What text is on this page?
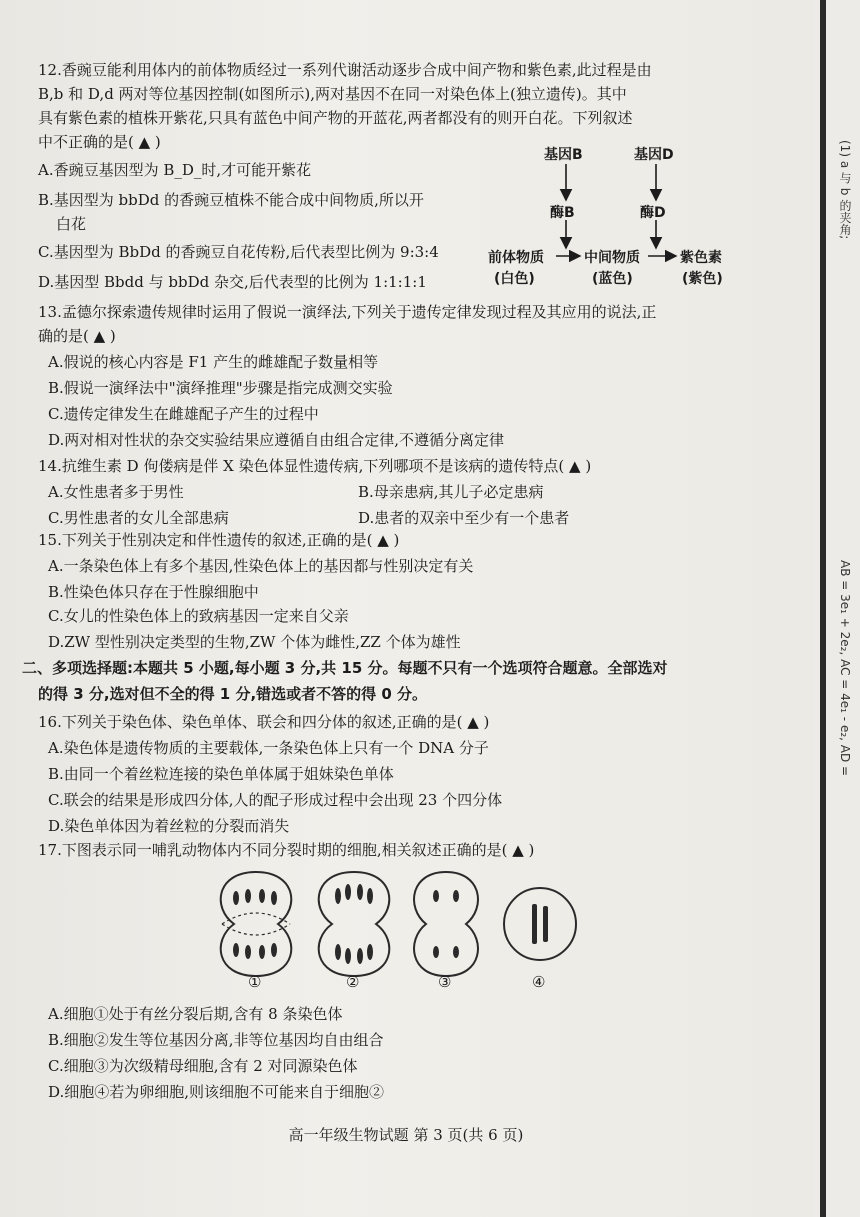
(1) a 与 b 的夹角;
AB = 3e₁ + 2e₂, AC = 4e₁ - e₂, AD =
12.香豌豆能利用体内的前体物质经过一系列代谢活动逐步合成中间产物和紫色素,此过程是由
B,b 和 D,d 两对等位基因控制(如图所示),两对基因不在同一对染色体上(独立遗传)。其中
具有紫色素的植株开紫花,只具有蓝色中间产物的开蓝花,两者都没有的则开白花。下列叙述
中不正确的是( ▲ )
A.香豌豆基因型为 B_D_时,才可能开紫花
B.基因型为 bbDd 的香豌豆植株不能合成中间物质,所以开
白花
C.基因型为 BbDd 的香豌豆自花传粉,后代表型比例为 9:3:4
D.基因型 Bbdd 与 bbDd 杂交,后代表型的比例为 1:1:1:1
基因B	基因D
酶B	酶D
前体物质	中间物质	紫色素
(白色)	(蓝色)	(紫色)
13.孟德尔探索遗传规律时运用了假说一演绎法,下列关于遗传定律发现过程及其应用的说法,正
确的是( ▲ )
A.假说的核心内容是 F1 产生的雌雄配子数量相等
B.假说一演绎法中"演绎推理"步骤是指完成测交实验
C.遗传定律发生在雌雄配子产生的过程中
D.两对相对性状的杂交实验结果应遵循自由组合定律,不遵循分离定律
14.抗维生素 D 佝偻病是伴 X 染色体显性遗传病,下列哪项不是该病的遗传特点( ▲ )
A.女性患者多于男性	B.母亲患病,其儿子必定患病
C.男性患者的女儿全部患病	D.患者的双亲中至少有一个患者
15.下列关于性别决定和伴性遗传的叙述,正确的是( ▲ )
A.一条染色体上有多个基因,性染色体上的基因都与性别决定有关
B.性染色体只存在于性腺细胞中
C.女儿的性染色体上的致病基因一定来自父亲
D.ZW 型性别决定类型的生物,ZW 个体为雌性,ZZ 个体为雄性
二、多项选择题:本题共 5 小题,每小题 3 分,共 15 分。每题不只有一个选项符合题意。全部选对
的得 3 分,选对但不全的得 1 分,错选或者不答的得 0 分。
16.下列关于染色体、染色单体、联会和四分体的叙述,正确的是( ▲ )
A.染色体是遗传物质的主要载体,一条染色体上只有一个 DNA 分子
B.由同一个着丝粒连接的染色单体属于姐妹染色单体
C.联会的结果是形成四分体,人的配子形成过程中会出现 23 个四分体
D.染色单体因为着丝粒的分裂而消失
17.下图表示同一哺乳动物体内不同分裂时期的细胞,相关叙述正确的是( ▲ )
①	②	③	④
A.细胞①处于有丝分裂后期,含有 8 条染色体
B.细胞②发生等位基因分离,非等位基因均自由组合
C.细胞③为次级精母细胞,含有 2 对同源染色体
D.细胞④若为卵细胞,则该细胞不可能来自于细胞②
高一年级生物试题 第 3 页(共 6 页)
